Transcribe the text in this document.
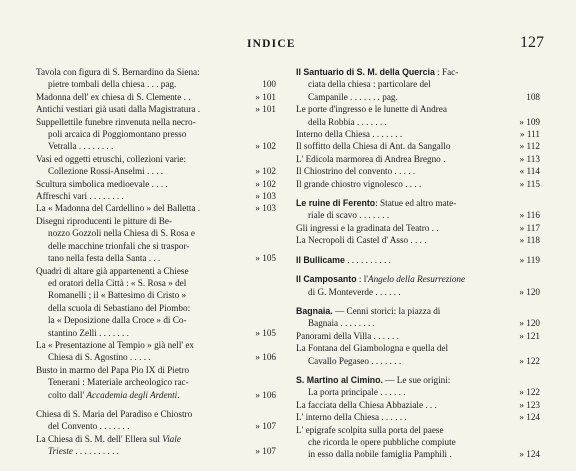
INDICE	127
Tavola con figura di S. Bernardino da Siena:
pietre tombali della chiesa . . . pag.	100
Madonna dell' ex chiesa di S. Clemente . .	» 101
Antichi vestiari già usati dalla Magistratura .	» 101
Suppellettile funebre rinvenuta nella necro-
poli arcaica di Poggiomontano presso
Vetralla . . . . . . . .	» 102
Vasi ed oggetti etruschi, collezioni varie:
Collezione Rossi-Anselmi . . . .	» 102
Scultura simbolica medioevale . . . .	» 102
Affreschi vari . . . . . . . .	» 103
La « Madonna del Cardellino » del Balletta .	» 103
Disegni riproducenti le pitture di Be-
nozzo Gozzoli nella Chiesa di S. Rosa e
delle macchine trionfali che si traspor-
tano nella festa della Santa . . .	» 105
Quadri di altare già appartenenti a Chiese
ed oratori della Città : « S. Rosa » del
Romanelli ; il « Battesimo di Cristo »
della scuola di Sebastiano del Piombo:
la « Deposizione dalla Croce » di Co-
stantino Zelli . . . . . . .	» 105
La « Presentazione al Tempio » già nell' ex
Chiesa di S. Agostino . . . . .	» 106
Busto in marmo del Papa Pio IX di Pietro
Tenerani : Materiale archeologico rac-
colto dall' Accademia degli Ardenti.	» 106
Chiesa di S. Maria del Paradiso e Chiostro
del Convento . . . . . . .	» 107
La Chiesa di S. M. dell' Ellera sul Viale
Trieste . . . . . . . . . .	» 107
Il Santuario di S. M. della Quercia : Fac-
ciata della chiesa : particolare del
Campanile . . . . . . . pag.	108
Le porte d'ingresso e le lunette di Andrea
della Robbia . . . . . . .	» 109
Interno della Chiesa . . . . . . .	» 111
Il soffitto della Chiesa di Ant. da Sangallo	» 112
L' Edicola marmorea di Andrea Bregno .	» 113
Il Chiostrino del convento . . . . .	« 114
Il grande chiostro vignolesco . . . .	» 115
Le ruine di Ferento: Statue ed altro mate-
riale di scavo . . . . . . .	» 116
Gli ingressi e la gradinata del Teatro . .	» 117
La Necropoli di Castel d' Asso . . . .	» 118
Il Bullicame . . . . . . . . . .	» 119
Il Camposanto : l'Angelo della Resurrezione
di G. Monteverde . . . . . .	» 120
Bagnaia. — Cenni storici: la piazza di
Bagnaia . . . . . . . .	» 120
Panorami della Villa . . . . . .	» 121
La Fontana del Giambologna e quella del
Cavallo Pegaseo . . . . . . .	» 122
S. Martino al Cimino. — Le sue origini:
La porta principale . . . . . .	» 122
La facciata della Chiesa Abbaziale . . .	» 123
L' interno della Chiesa . . . . . .	» 124
L' epigrafe scolpita sulla porta del paese
che ricorda le opere pubbliche compiute
in esso dalla nobile famiglia Pamphili .	» 124
